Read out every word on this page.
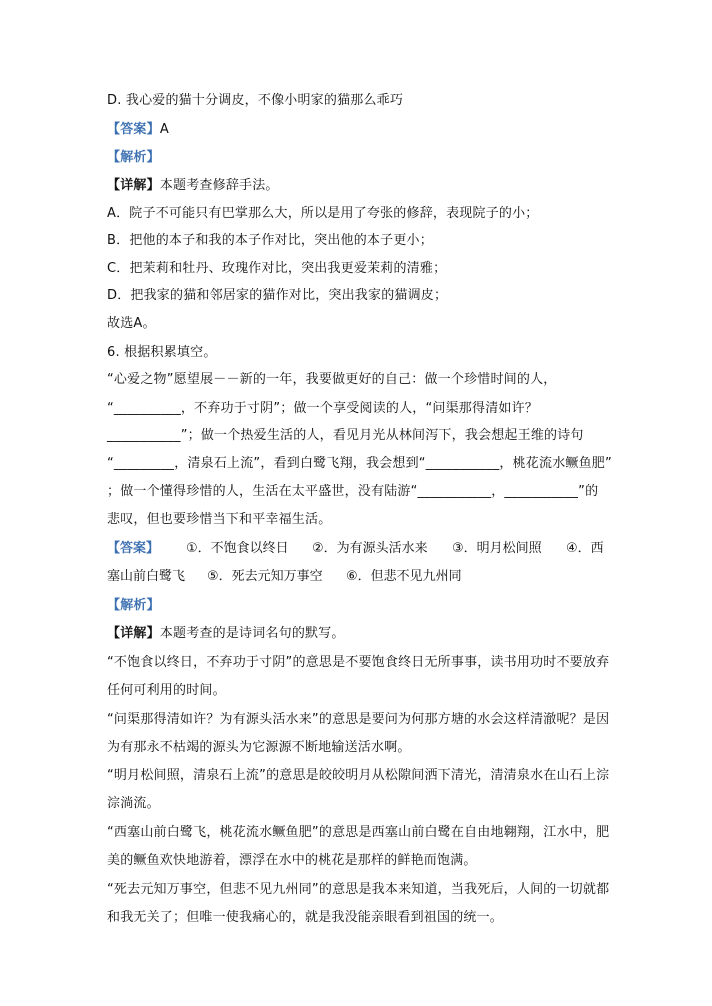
D. 我心爱的猫十分调皮，不像小明家的猫那么乖巧
【答案】A
【解析】
【详解】本题考查修辞手法。
A．院子不可能只有巴掌那么大，所以是用了夸张的修辞，表现院子的小；
B．把他的本子和我的本子作对比，突出他的本子更小；
C．把茉莉和牡丹、玫瑰作对比，突出我更爱茉莉的清雅；
D．把我家的猫和邻居家的猫作对比，突出我家的猫调皮；
故选A。
6. 根据积累填空。
“心爱之物”愿望展－－新的一年，我要做更好的自己：做一个珍惜时间的人，
“__________，不弃功于寸阴”；做一个享受阅读的人，“问渠那得清如许？
___________”；做一个热爱生活的人，看见月光从林间泻下，我会想起王维的诗句
“_________，清泉石上流”，看到白鹭飞翔，我会想到“___________，桃花流水鳜鱼肥”
；做一个懂得珍惜的人，生活在太平盛世，没有陆游“___________，___________”的
悲叹，但也要珍惜当下和平幸福生活。
【答案】 ①．不饱食以终日 ②．为有源头活水来 ③．明月松间照 ④．西
塞山前白鹭飞 ⑤．死去元知万事空 ⑥．但悲不见九州同
【解析】
【详解】本题考查的是诗词名句的默写。
“不饱食以终日，不弃功于寸阴”的意思是不要饱食终日无所事事，读书用功时不要放弃
任何可利用的时间。
“问渠那得清如许？为有源头活水来”的意思是要问为何那方塘的水会这样清澈呢？是因
为有那永不枯竭的源头为它源源不断地输送活水啊。
“明月松间照，清泉石上流”的意思是皎皎明月从松隙间洒下清光，清清泉水在山石上淙
淙淌流。
“西塞山前白鹭飞，桃花流水鳜鱼肥”的意思是西塞山前白鹭在自由地翱翔，江水中，肥
美的鳜鱼欢快地游着，漂浮在水中的桃花是那样的鲜艳而饱满。
“死去元知万事空，但悲不见九州同”的意思是我本来知道，当我死后，人间的一切就都
和我无关了；但唯一使我痛心的，就是我没能亲眼看到祖国的统一。
